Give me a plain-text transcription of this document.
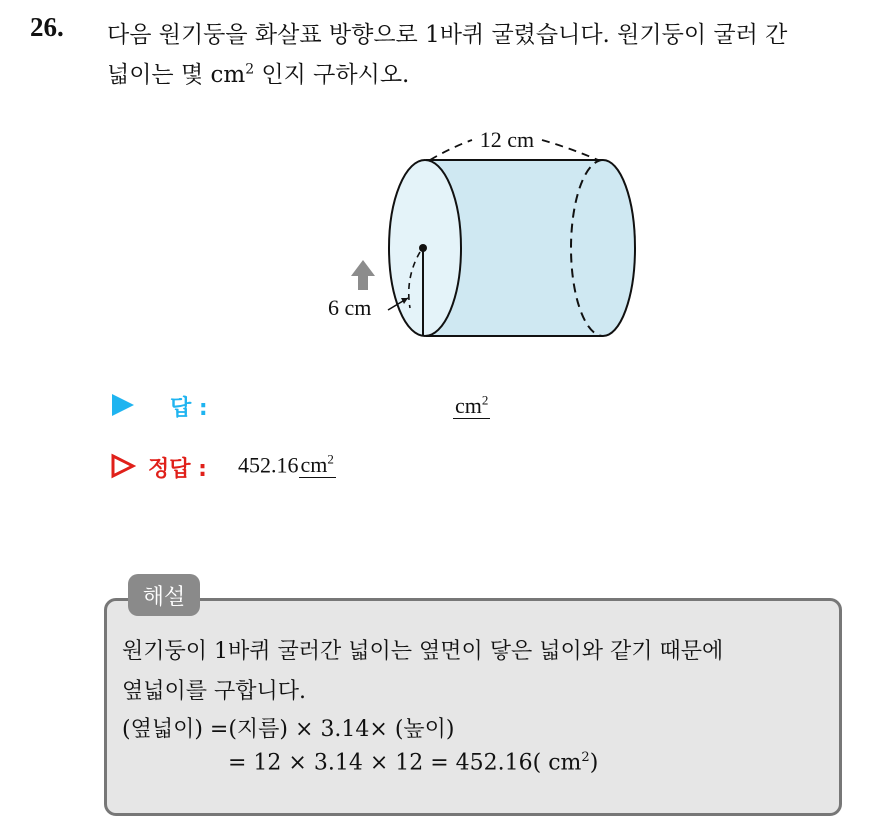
26. 다음 원기둥을 화살표 방향으로 1바퀴 굴렸습니다. 원기둥이 굴러 간
넓이는 몇 $cm^2$ 인지 구하시오.
12 cm
6 cm
답 :	$cm^2$
정답 : $452.16cm^2$
해설
원기둥이 1바퀴 굴러간 넓이는 옆면이 닿은 넓이와 같기 때문에
옆넓이를 구합니다.
(옆넓이) =(지름) × 3.14× (높이)
= 12 × 3.14 × 12 = 452.16( $cm^2$)
